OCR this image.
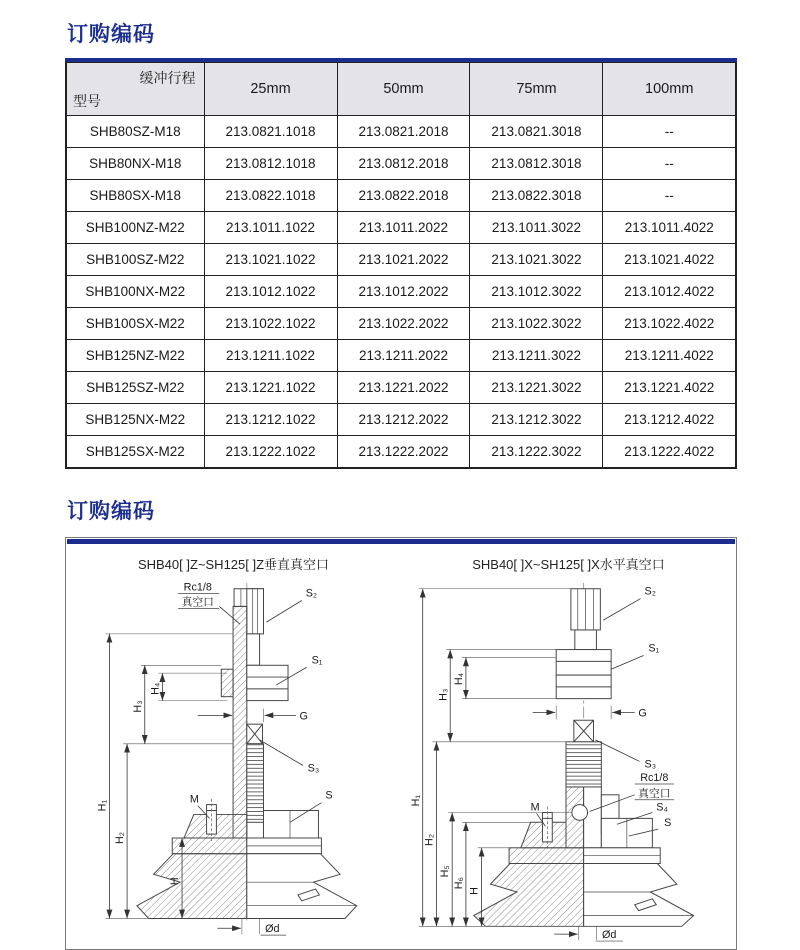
订购编码
缓冲行程
型号	25mm	50mm	75mm	100mm
SHB80SZ-M18	213.0821.1018	213.0821.2018	213.0821.3018	--
SHB80NX-M18	213.0812.1018	213.0812.2018	213.0812.3018	--
SHB80SX-M18	213.0822.1018	213.0822.2018	213.0822.3018	--
SHB100NZ-M22	213.1011.1022	213.1011.2022	213.1011.3022	213.1011.4022
SHB100SZ-M22	213.1021.1022	213.1021.2022	213.1021.3022	213.1021.4022
SHB100NX-M22	213.1012.1022	213.1012.2022	213.1012.3022	213.1012.4022
SHB100SX-M22	213.1022.1022	213.1022.2022	213.1022.3022	213.1022.4022
SHB125NZ-M22	213.1211.1022	213.1211.2022	213.1211.3022	213.1211.4022
SHB125SZ-M22	213.1221.1022	213.1221.2022	213.1221.3022	213.1221.4022
SHB125NX-M22	213.1212.1022	213.1212.2022	213.1212.3022	213.1212.4022
SHB125SX-M22	213.1222.1022	213.1222.2022	213.1222.3022	213.1222.4022
订购编码
SHB40[ ]Z~SH125[ ]Z垂直真空口	SHB40[ ]X~SH125[ ]X水平真空口
H₁
H₂
H₃
H₄
H
G
Ød
Rc1/8
真空口
S₂
S₁
S₃
M	S	H₁
H₂
H₃
H₄
H₅
H₆
H
G
Ød
S₂
S₁
S₃
Rc1/8
真空口
S₄
S
M
